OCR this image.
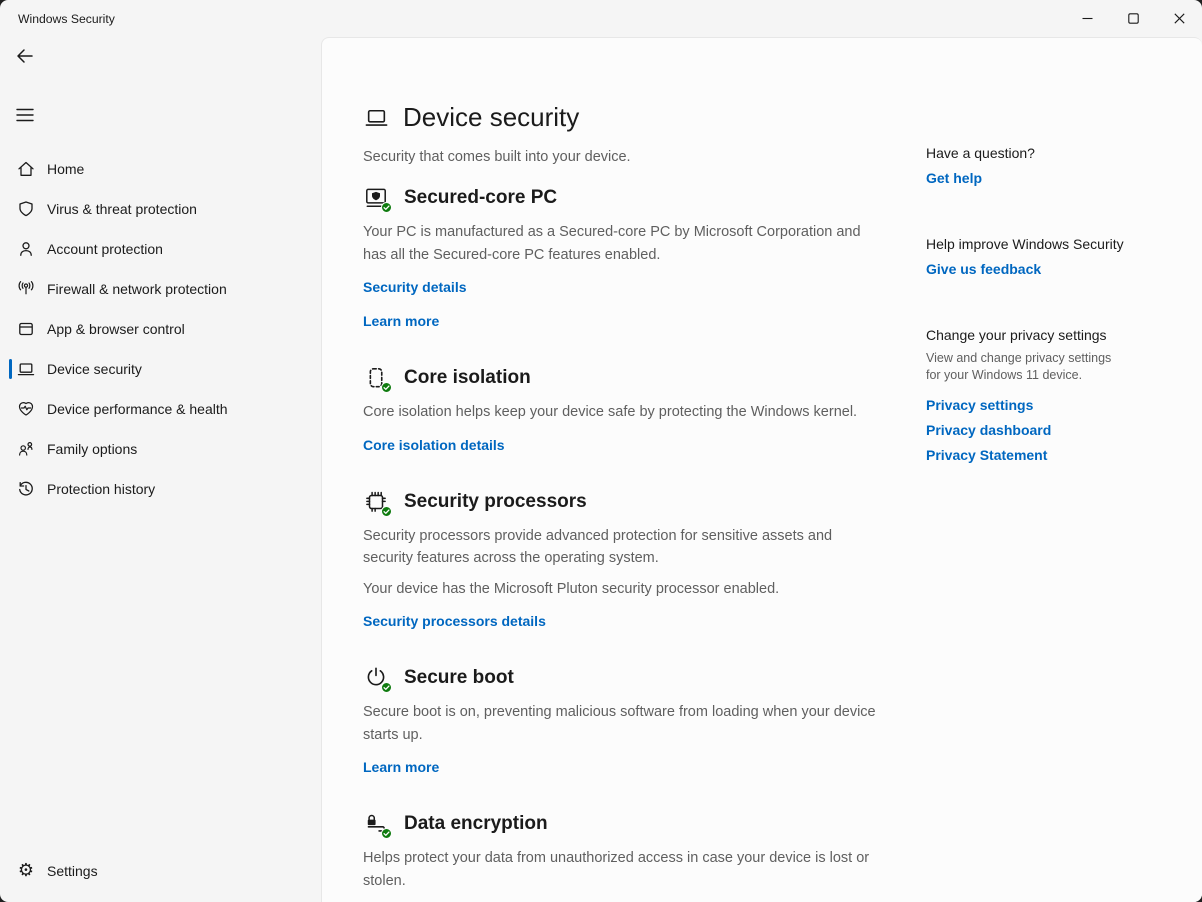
Windows Security
Home
Virus & threat protection
Account protection
Firewall & network protection
App & browser control
Device security
Device performance & health
Family options
Protection history
⚙ Settings
Device security

Security that comes built into your device.

Secured-core PC

Your PC is manufactured as a Secured-core PC by Microsoft Corporation and has all the Secured-core PC features enabled.

Security details
Learn more
Core isolation

Core isolation helps keep your device safe by protecting the Windows kernel.

Core isolation details
Security processors

Security processors provide advanced protection for sensitive assets and security features across the operating system.

Your device has the Microsoft Pluton security processor enabled.

Security processors details
Secure boot

Secure boot is on, preventing malicious software from loading when your device starts up.

Learn more
Data encryption

Helps protect your data from unauthorized access in case your device is lost or stolen.

Have a question?
Get help
Help improve Windows Security
Give us feedback
Change your privacy settings
View and change privacy settings for your Windows 11 device.
Privacy settings
Privacy dashboard
Privacy Statement
